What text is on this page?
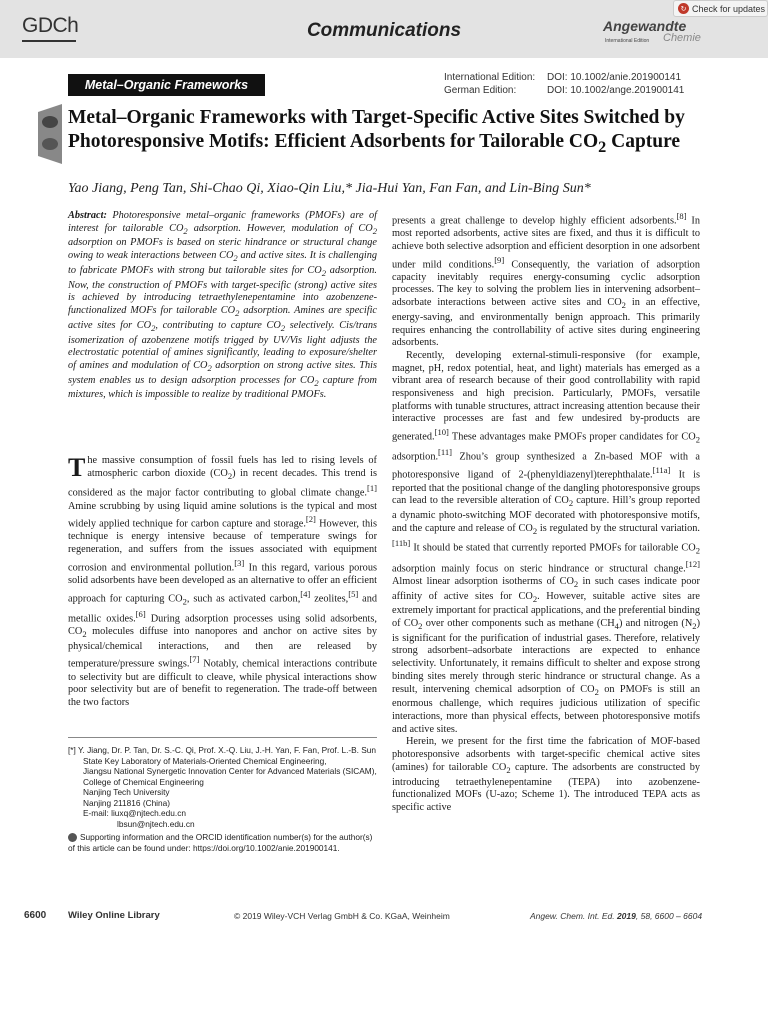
GDCh	Communications	Angewandte
International Edition Chemie
↻ Check for updates
Metal–Organic Frameworks
International Edition: DOI: 10.1002/anie.201900141
German Edition:	DOI: 10.1002/ange.201900141
Metal–Organic Frameworks with Target-Specific Active Sites Switched by Photoresponsive Motifs: Efficient Adsorbents for Tailorable $CO_2$ Capture
Yao Jiang, Peng Tan, Shi-Chao Qi, Xiao-Qin Liu,* Jia-Hui Yan, Fan Fan, and Lin-Bing Sun*

Abstract: Photoresponsive metal–organic frameworks (PMOFs) are of interest for tailorable $CO_2$ adsorption. However, modulation of $CO_2$ adsorption on PMOFs is based on steric hindrance or structural change owing to weak interactions between $CO_2$ and active sites. It is challenging to fabricate PMOFs with strong but tailorable sites for $CO_2$ adsorption. Now, the construction of PMOFs with target-specific (strong) active sites is achieved by introducing tetraethylenepentamine into azobenzene-functionalized MOFs for tailorable $CO_2$ adsorption. Amines are specific active sites for $CO_2$, contributing to capture $CO_2$ selectively. Cis/trans isomerization of azobenzene motifs trigged by UV/Vis light adjusts the electrostatic potential of amines significantly, leading to exposure/shelter of amines and modulation of $CO_2$ adsorption on strong active sites. This system enables us to design adsorption processes for $CO_2$ capture from mixtures, which is impossible to realize by traditional PMOFs.

The massive consumption of fossil fuels has led to rising levels of atmospheric carbon dioxide $(CO_2)$ in recent decades. This trend is considered as the major factor contributing to global climate change.[1] Amine scrubbing by using liquid amine solutions is the typical and most widely applied technique for carbon capture and storage.[2] However, this technique is energy intensive because of temperature swings for regeneration, and suffers from the issues associated with equipment corrosion and environmental pollution.[3] In this regard, various porous solid adsorbents have been developed as an alternative to offer an efficient approach for capturing $CO_2$, such as activated carbon,[4] zeolites,[5] and metallic oxides.[6] During adsorption processes using solid adsorbents, $CO_2$ molecules diffuse into nanopores and anchor on active sites by physical/chemical interactions, and then are released by temperature/pressure swings.[7] Notably, chemical interactions contribute to selectivity but are difficult to cleave, while physical interactions show poor selectivity but are of benefit to regeneration. The trade-off between the two factors

presents a great challenge to develop highly efficient adsorbents.[8] In most reported adsorbents, active sites are fixed, and thus it is difficult to achieve both selective adsorption and efficient desorption in one adsorbent under mild conditions.[9] Consequently, the variation of adsorption capacity inevitably requires energy-consuming cyclic adsorption processes. The key to solving the problem lies in intervening adsorbent–adsorbate interactions between active sites and $CO_2$ in an effective, energy-saving, and environmentally benign approach. This primarily requires enhancing the controllability of active sites during engineering adsorbents.

Recently, developing external-stimuli-responsive (for example, magnet, pH, redox potential, heat, and light) materials has emerged as a vibrant area of research because of their good controllability with rapid responsiveness and high precision. Particularly, PMOFs, versatile platforms with tunable structures, attract increasing attention because their interactive processes are fast and few undesired by-products are generated.[10] These advantages make PMOFs proper candidates for $CO_2$ adsorption.[11] Zhou’s group synthesized a Zn-based MOF with a photoresponsive ligand of 2-(phenyldiazenyl)terephthalate.[11a] It is reported that the positional change of the dangling photoresponsive groups can lead to the reversible alteration of $CO_2$ capture. Hill’s group reported a dynamic photo-switching MOF decorated with photoresponsive motifs, and the capture and release of $CO_2$ is regulated by the structural variation.[11b] It should be stated that currently reported PMOFs for tailorable $CO_2$ adsorption mainly focus on steric hindrance or structural change.[12] Almost linear adsorption isotherms of $CO_2$ in such cases indicate poor affinity of active sites for $CO_2$. However, suitable active sites are extremely important for practical applications, and the preferential binding of $CO_2$ over other components such as methane $(CH_4)$ and nitrogen $(N_2)$ is significant for the purification of industrial gases. Therefore, relatively strong adsorbent–adsorbate interactions are expected to enhance selectivity. Unfortunately, it remains difficult to shelter and expose strong binding sites merely through steric hindrance or structural change. As a result, intervening chemical adsorption of $CO_2$ on PMOFs is still an enormous challenge, which requires judicious utilization of specific interactions, more than physical effects, between photoresponsive motifs and active sites.

Herein, we present for the first time the fabrication of MOF-based photoresponsive adsorbents with target-specific chemical active sites (amines) for tailorable $CO_2$ capture. The adsorbents are constructed by introducing tetraethylenepentamine (TEPA) into azobenzene-functionalized MOFs (U-azo; Scheme 1). The introduced TEPA acts as specific active

[*] Y. Jiang, Dr. P. Tan, Dr. S.-C. Qi, Prof. X.-Q. Liu, J.-H. Yan, F. Fan, Prof. L.-B. Sun
State Key Laboratory of Materials-Oriented Chemical Engineering,
Jiangsu National Synergetic Innovation Center for Advanced Materials (SICAM), College of Chemical Engineering
Nanjing Tech University
Nanjing 211816 (China)
E-mail: liuxq@njtech.edu.cn
lbsun@njtech.edu.cn
Supporting information and the ORCID identification number(s) for the author(s) of this article can be found under: https://doi.org/10.1002/anie.201900141.
6600 Wiley Online Library	© 2019 Wiley-VCH Verlag GmbH & Co. KGaA, Weinheim	Angew. Chem. Int. Ed. 2019, 58, 6600 – 6604
